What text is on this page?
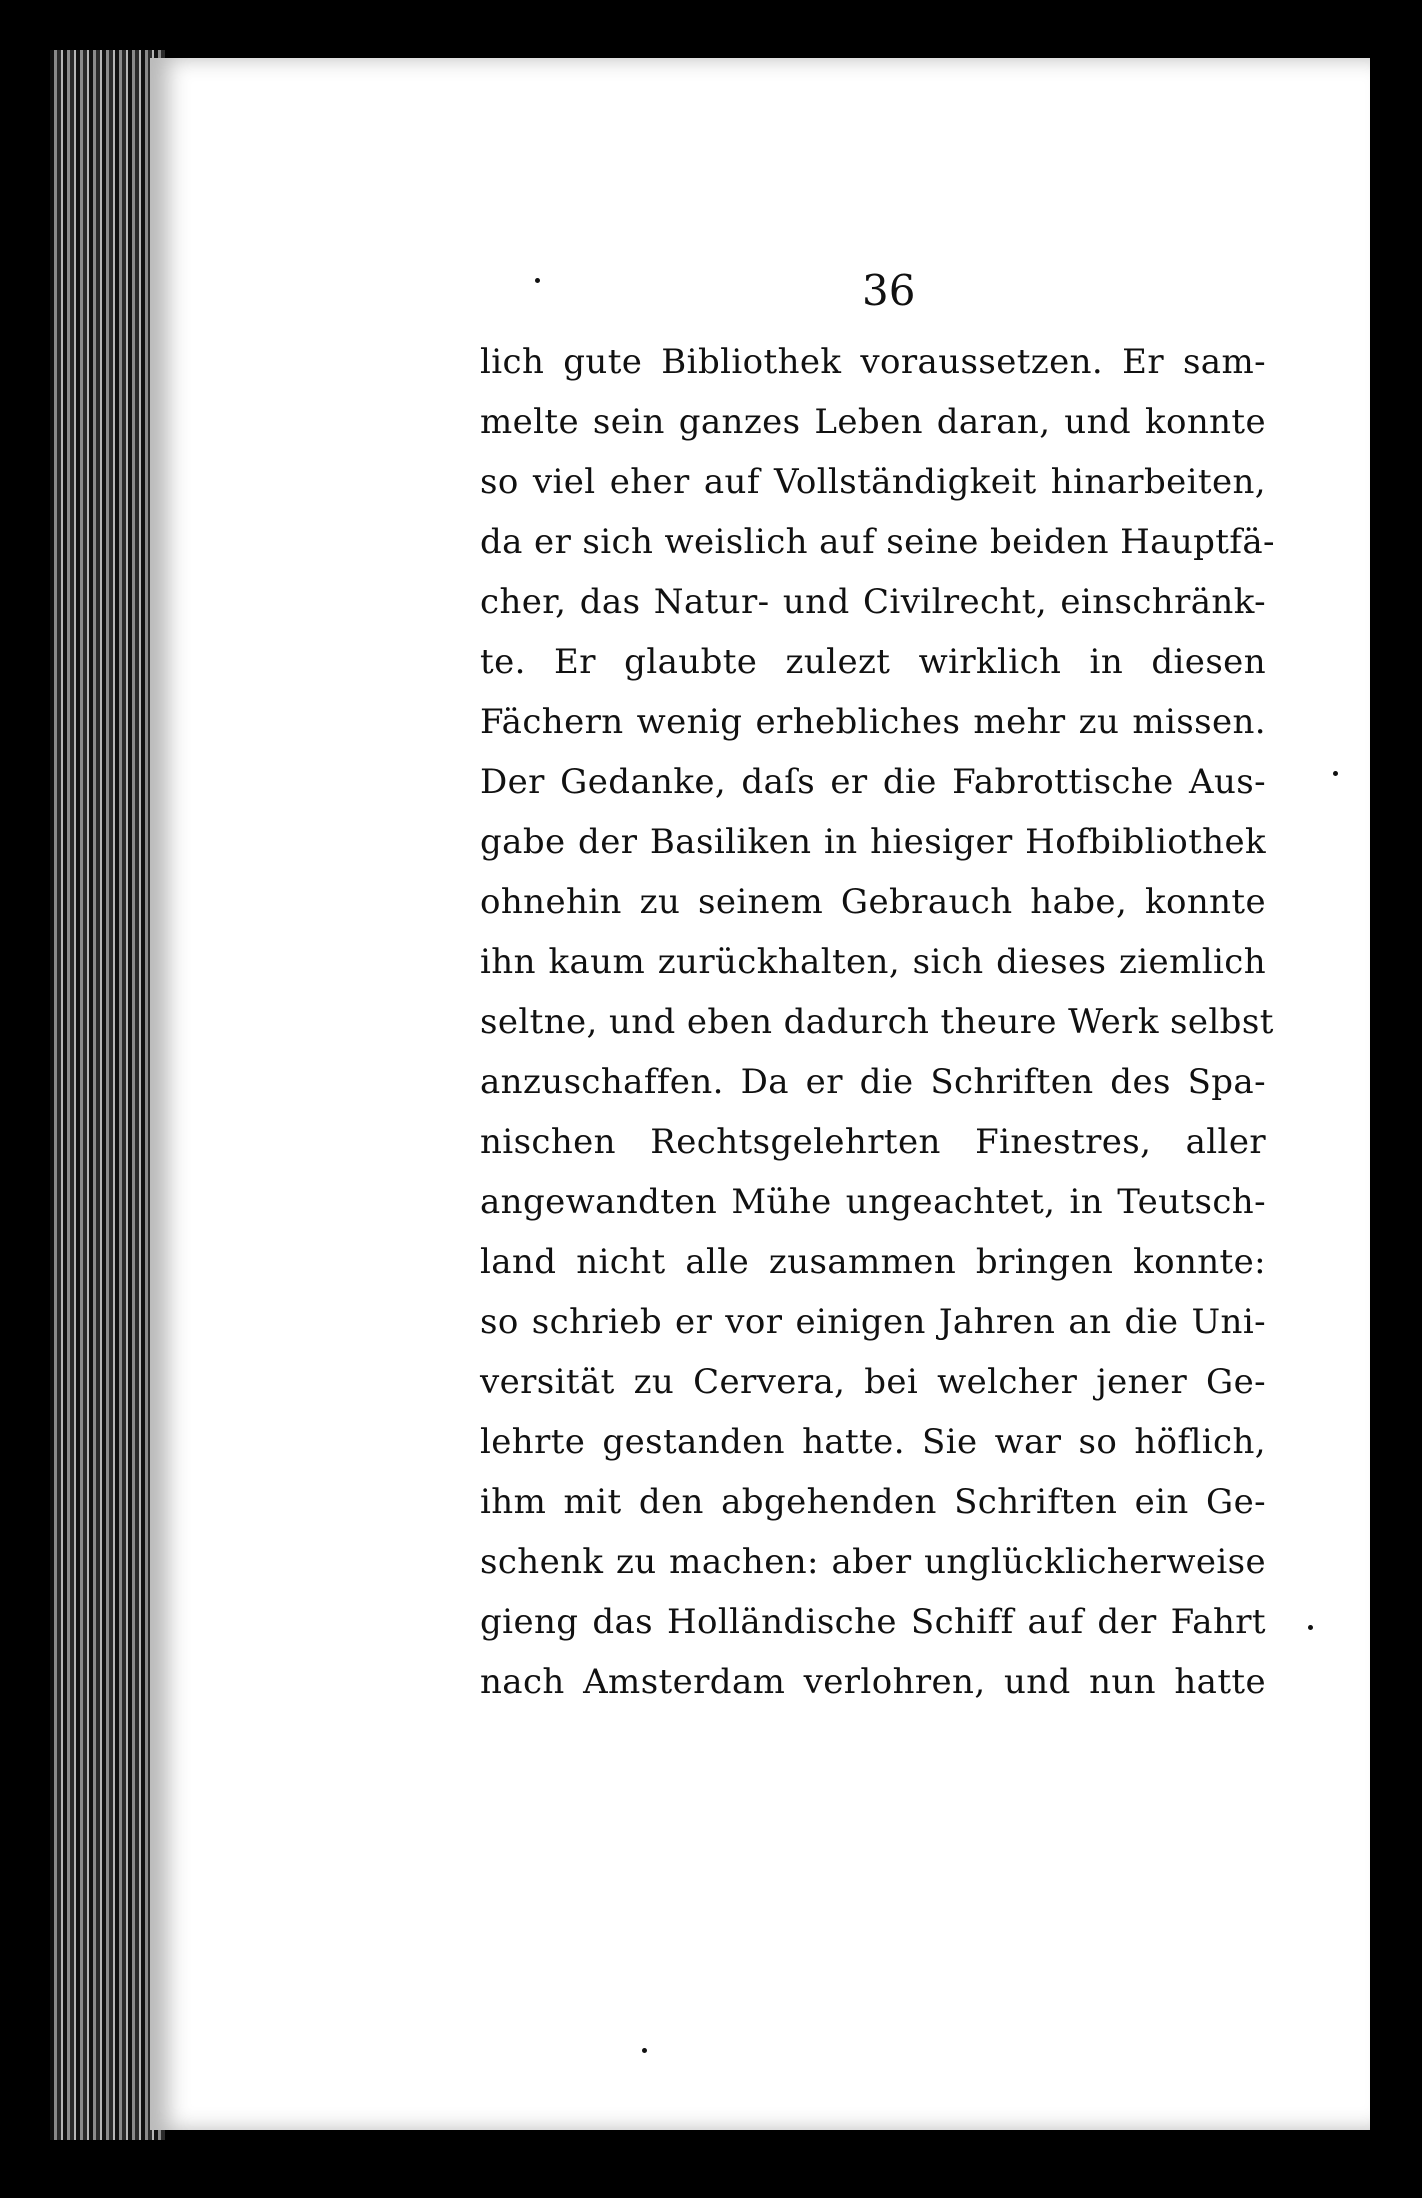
36

lich gute Bibliothek voraussetzen. Er sam-
melte sein ganzes Leben daran, und konnte
so viel eher auf Vollständigkeit hinarbeiten,
da er sich weislich auf seine beiden Hauptfä-
cher, das Natur- und Civilrecht, einschränk-
te. Er glaubte zulezt wirklich in diesen
Fächern wenig erhebliches mehr zu missen.
Der Gedanke, daſs er die Fabrottische Aus-
gabe der Basiliken in hiesiger Hofbibliothek
ohnehin zu seinem Gebrauch habe, konnte
ihn kaum zurückhalten, sich dieses ziemlich
seltne, und eben dadurch theure Werk selbst
anzuschaffen. Da er die Schriften des Spa-
nischen Rechtsgelehrten Finestres, aller
angewandten Mühe ungeachtet, in Teutsch-
land nicht alle zusammen bringen konnte:
so schrieb er vor einigen Jahren an die Uni-
versität zu Cervera, bei welcher jener Ge-
lehrte gestanden hatte. Sie war so höflich,
ihm mit den abgehenden Schriften ein Ge-
schenk zu machen: aber unglücklicherweise
gieng das Holländische Schiff auf der Fahrt
nach Amsterdam verlohren, und nun hatte
